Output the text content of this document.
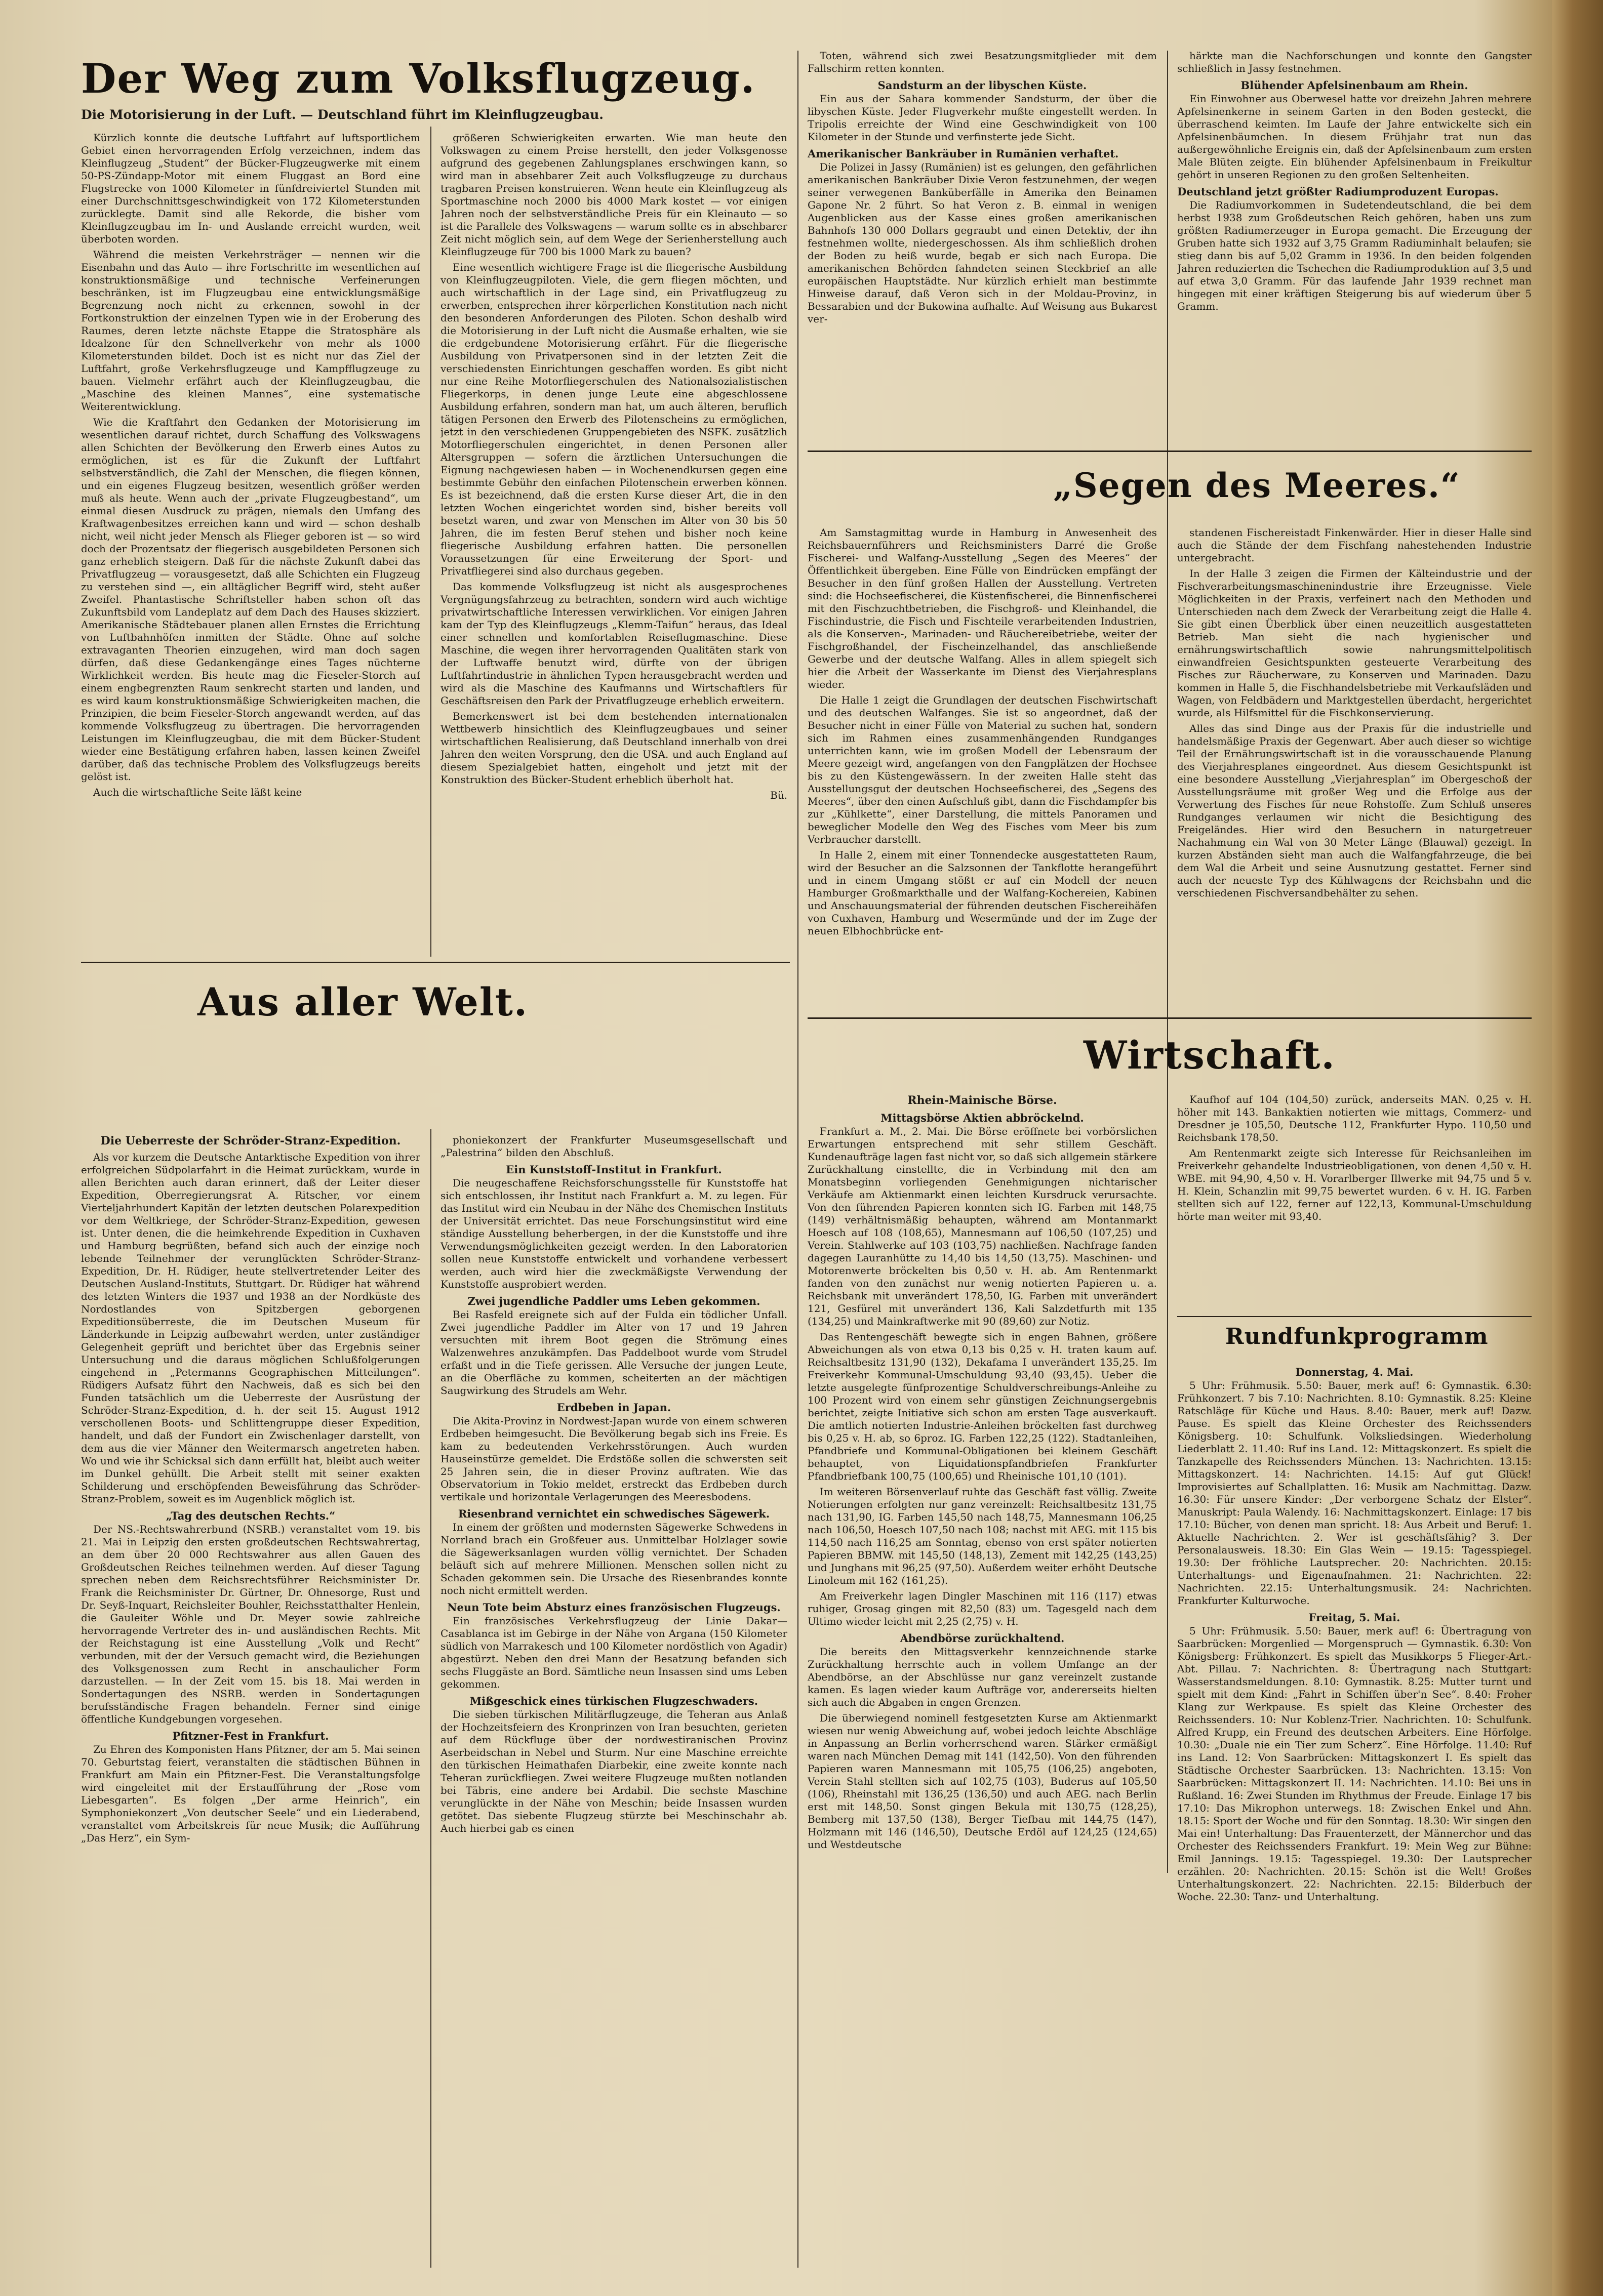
Der Weg zum Volksflugzeug.
Die Motorisierung in der Luft. — Deutschland führt im Kleinflugzeugbau.

Kürzlich konnte die deutsche Luftfahrt auf luftsportlichem Gebiet einen hervorragenden Erfolg verzeichnen, indem das Kleinflugzeug „Student“ der Bücker-Flugzeugwerke mit einem 50-PS-Zündapp-Motor mit einem Fluggast an Bord eine Flugstrecke von 1000 Kilometer in fünfdreiviertel Stunden mit einer Durchschnittsgeschwindigkeit von 172 Kilometerstunden zurücklegte. Damit sind alle Rekorde, die bisher vom Kleinflugzeugbau im In- und Auslande erreicht wurden, weit überboten worden.

Während die meisten Verkehrsträger — nennen wir die Eisenbahn und das Auto — ihre Fortschritte im wesentlichen auf konstruktionsmäßige und technische Verfeinerungen beschränken, ist im Flugzeugbau eine entwicklungsmäßige Begrenzung noch nicht zu erkennen, sowohl in der Fortkonstruktion der einzelnen Typen wie in der Eroberung des Raumes, deren letzte nächste Etappe die Stratosphäre als Idealzone für den Schnellverkehr von mehr als 1000 Kilometerstunden bildet. Doch ist es nicht nur das Ziel der Luftfahrt, große Verkehrsflugzeuge und Kampfflugzeuge zu bauen. Vielmehr erfährt auch der Kleinflugzeugbau, die „Maschine des kleinen Mannes“, eine systematische Weiterentwicklung.

Wie die Kraftfahrt den Gedanken der Motorisierung im wesentlichen darauf richtet, durch Schaffung des Volkswagens allen Schichten der Bevölkerung den Erwerb eines Autos zu ermöglichen, ist es für die Zukunft der Luftfahrt selbstverständlich, die Zahl der Menschen, die fliegen können, und ein eigenes Flugzeug besitzen, wesentlich größer werden muß als heute. Wenn auch der „private Flugzeugbestand“, um einmal diesen Ausdruck zu prägen, niemals den Umfang des Kraftwagenbesitzes erreichen kann und wird — schon deshalb nicht, weil nicht jeder Mensch als Flieger geboren ist — so wird doch der Prozentsatz der fliegerisch ausgebildeten Personen sich ganz erheblich steigern. Daß für die nächste Zukunft dabei das Privatflugzeug — vorausgesetzt, daß alle Schichten ein Flugzeug zu verstehen sind —, ein alltäglicher Begriff wird, steht außer Zweifel. Phantastische Schriftsteller haben schon oft das Zukunftsbild vom Landeplatz auf dem Dach des Hauses skizziert. Amerikanische Städtebauer planen allen Ernstes die Errichtung von Luftbahnhöfen inmitten der Städte. Ohne auf solche extravaganten Theorien einzugehen, wird man doch sagen dürfen, daß diese Gedankengänge eines Tages nüchterne Wirklichkeit werden. Bis heute mag die Fieseler-Storch auf einem engbegrenzten Raum senkrecht starten und landen, und es wird kaum konstruktionsmäßige Schwierigkeiten machen, die Prinzipien, die beim Fieseler-Storch angewandt werden, auf das kommende Volksflugzeug zu übertragen. Die hervorragenden Leistungen im Kleinflugzeugbau, die mit dem Bücker-Student wieder eine Bestätigung erfahren haben, lassen keinen Zweifel darüber, daß das technische Problem des Volksflugzeugs bereits gelöst ist.

Auch die wirtschaftliche Seite läßt keine

größeren Schwierigkeiten erwarten. Wie man heute den Volkswagen zu einem Preise herstellt, den jeder Volksgenosse aufgrund des gegebenen Zahlungsplanes erschwingen kann, so wird man in absehbarer Zeit auch Volksflugzeuge zu durchaus tragbaren Preisen konstruieren. Wenn heute ein Kleinflugzeug als Sportmaschine noch 2000 bis 4000 Mark kostet — vor einigen Jahren noch der selbstverständliche Preis für ein Kleinauto — so ist die Parallele des Volkswagens — warum sollte es in absehbarer Zeit nicht möglich sein, auf dem Wege der Serienherstellung auch Kleinflugzeuge für 700 bis 1000 Mark zu bauen?

Eine wesentlich wichtigere Frage ist die fliegerische Ausbildung von Kleinflugzeugpiloten. Viele, die gern fliegen möchten, und auch wirtschaftlich in der Lage sind, ein Privatflugzeug zu erwerben, entsprechen ihrer körperlichen Konstitution nach nicht den besonderen Anforderungen des Piloten. Schon deshalb wird die Motorisierung in der Luft nicht die Ausmaße erhalten, wie sie die erdgebundene Motorisierung erfährt. Für die fliegerische Ausbildung von Privatpersonen sind in der letzten Zeit die verschiedensten Einrichtungen geschaffen worden. Es gibt nicht nur eine Reihe Motorfliegerschulen des Nationalsozialistischen Fliegerkorps, in denen junge Leute eine abgeschlossene Ausbildung erfahren, sondern man hat, um auch älteren, beruflich tätigen Personen den Erwerb des Pilotenscheins zu ermöglichen, jetzt in den verschiedenen Gruppengebieten des NSFK. zusätzlich Motorfliegerschulen eingerichtet, in denen Personen aller Altersgruppen — sofern die ärztlichen Untersuchungen die Eignung nachgewiesen haben — in Wochenendkursen gegen eine bestimmte Gebühr den einfachen Pilotenschein erwerben können. Es ist bezeichnend, daß die ersten Kurse dieser Art, die in den letzten Wochen eingerichtet worden sind, bisher bereits voll besetzt waren, und zwar von Menschen im Alter von 30 bis 50 Jahren, die im festen Beruf stehen und bisher noch keine fliegerische Ausbildung erfahren hatten. Die personellen Voraussetzungen für eine Erweiterung der Sport- und Privatfliegerei sind also durchaus gegeben.

Das kommende Volksflugzeug ist nicht als ausgesprochenes Vergnügungsfahrzeug zu betrachten, sondern wird auch wichtige privatwirtschaftliche Interessen verwirklichen. Vor einigen Jahren kam der Typ des Kleinflugzeugs „Klemm-Taifun“ heraus, das Ideal einer schnellen und komfortablen Reiseflugmaschine. Diese Maschine, die wegen ihrer hervorragenden Qualitäten stark von der Luftwaffe benutzt wird, dürfte von der übrigen Luftfahrtindustrie in ähnlichen Typen herausgebracht werden und wird als die Maschine des Kaufmanns und Wirtschaftlers für Geschäftsreisen den Park der Privatflugzeuge erheblich erweitern.

Bemerkenswert ist bei dem bestehenden internationalen Wettbewerb hinsichtlich des Kleinflugzeugbaues und seiner wirtschaftlichen Realisierung, daß Deutschland innerhalb von drei Jahren den weiten Vorsprung, den die USA. und auch England auf diesem Spezialgebiet hatten, eingeholt und jetzt mit der Konstruktion des Bücker-Student erheblich überholt hat.

Bü.

Toten, während sich zwei Besatzungsmitglieder mit dem Fallschirm retten konnten.

Sandsturm an der libyschen Küste.

Ein aus der Sahara kommender Sandsturm, der über die libyschen Küste. Jeder Flugverkehr mußte eingestellt werden. In Tripolis erreichte der Wind eine Geschwindigkeit von 100 Kilometer in der Stunde und verfinsterte jede Sicht.

Amerikanischer Bankräuber in Rumänien verhaftet.

Die Polizei in Jassy (Rumänien) ist es gelungen, den gefährlichen amerikanischen Bankräuber Dixie Veron festzunehmen, der wegen seiner verwegenen Banküberfälle in Amerika den Beinamen Gapone Nr. 2 führt. So hat Veron z. B. einmal in wenigen Augenblicken aus der Kasse eines großen amerikanischen Bahnhofs 130 000 Dollars gegraubt und einen Detektiv, der ihn festnehmen wollte, niedergeschossen. Als ihm schließlich drohen der Boden zu heiß wurde, begab er sich nach Europa. Die amerikanischen Behörden fahndeten seinen Steckbrief an alle europäischen Hauptstädte. Nur kürzlich erhielt man bestimmte Hinweise darauf, daß Veron sich in der Moldau-Provinz, in Bessarabien und der Bukowina aufhalte. Auf Weisung aus Bukarest ver-

härkte man die Nachforschungen und konnte den Gangster schließlich in Jassy festnehmen.

Blühender Apfelsinenbaum am Rhein.

Ein Einwohner aus Oberwesel hatte vor dreizehn Jahren mehrere Apfelsinenkerne in seinem Garten in den Boden gesteckt, die überraschend keimten. Im Laufe der Jahre entwickelte sich ein Apfelsinenbäumchen. In diesem Frühjahr trat nun das außergewöhnliche Ereignis ein, daß der Apfelsinenbaum zum ersten Male Blüten zeigte. Ein blühender Apfelsinenbaum in Freikultur gehört in unseren Regionen zu den großen Seltenheiten.

Deutschland jetzt größter Radiumproduzent Europas.

Die Radiumvorkommen in Sudetendeutschland, die bei dem herbst 1938 zum Großdeutschen Reich gehören, haben uns zum größten Radiumerzeuger in Europa gemacht. Die Erzeugung der Gruben hatte sich 1932 auf 3,75 Gramm Radiuminhalt belaufen; sie stieg dann bis auf 5,02 Gramm in 1936. In den beiden folgenden Jahren reduzierten die Tschechen die Radiumproduktion auf 3,5 und auf etwa 3,0 Gramm. Für das laufende Jahr 1939 rechnet man hingegen mit einer kräftigen Steigerung bis auf wiederum über 5 Gramm.

„Segen des Meeres.“

Am Samstagmittag wurde in Hamburg in Anwesenheit des Reichsbauernführers und Reichsministers Darré die Große Fischerei- und Walfang-Ausstellung „Segen des Meeres“ der Öffentlichkeit übergeben. Eine Fülle von Eindrücken empfängt der Besucher in den fünf großen Hallen der Ausstellung. Vertreten sind: die Hochseefischerei, die Küstenfischerei, die Binnenfischerei mit den Fischzuchtbetrieben, die Fischgroß- und Kleinhandel, die Fischindustrie, die Fisch und Fischteile verarbeitenden Industrien, als die Konserven-, Marinaden- und Räuchereibetriebe, weiter der Fischgroßhandel, der Fischeinzelhandel, das anschließende Gewerbe und der deutsche Walfang. Alles in allem spiegelt sich hier die Arbeit der Wasserkante im Dienst des Vierjahresplans wieder.

Die Halle 1 zeigt die Grundlagen der deutschen Fischwirtschaft und des deutschen Walfanges. Sie ist so angeordnet, daß der Besucher nicht in einer Fülle von Material zu suchen hat, sondern sich im Rahmen eines zusammenhängenden Rundganges unterrichten kann, wie im großen Modell der Lebensraum der Meere gezeigt wird, angefangen von den Fangplätzen der Hochsee bis zu den Küstengewässern. In der zweiten Halle steht das Ausstellungsgut der deutschen Hochseefischerei, des „Segens des Meeres“, über den einen Aufschluß gibt, dann die Fischdampfer bis zur „Kühlkette“, einer Darstellung, die mittels Panoramen und beweglicher Modelle den Weg des Fisches vom Meer bis zum Verbraucher darstellt.

In Halle 2, einem mit einer Tonnendecke ausgestatteten Raum, wird der Besucher an die Salzsonnen der Tankflotte herangeführt und in einem Umgang stößt er auf ein Modell der neuen Hamburger Großmarkthalle und der Walfang-Kochereien, Kabinen und Anschauungsmaterial der führenden deutschen Fischereihäfen von Cuxhaven, Hamburg und Wesermünde und der im Zuge der neuen Elbhochbrücke ent-

standenen Fischereistadt Finkenwärder. Hier in dieser Halle sind auch die Stände der dem Fischfang nahestehenden Industrie untergebracht.

In der Halle 3 zeigen die Firmen der Kälteindustrie und der Fischverarbeitungsmaschinenindustrie ihre Erzeugnisse. Viele Möglichkeiten in der Praxis, verfeinert nach den Methoden und Unterschieden nach dem Zweck der Verarbeitung zeigt die Halle 4. Sie gibt einen Überblick über einen neuzeitlich ausgestatteten Betrieb. Man sieht die nach hygienischer und ernährungswirtschaftlich sowie nahrungsmittelpolitisch einwandfreien Gesichtspunkten gesteuerte Verarbeitung des Fisches zur Räucherware, zu Konserven und Marinaden. Dazu kommen in Halle 5, die Fischhandelsbetriebe mit Verkaufsläden und Wagen, von Feldbädern und Marktgestellen überdacht, hergerichtet wurde, als Hilfsmittel für die Fischkonservierung.

Alles das sind Dinge aus der Praxis für die industrielle und handelsmäßige Praxis der Gegenwart. Aber auch dieser so wichtige Teil der Ernährungswirtschaft ist in die vorausschauende Planung des Vierjahresplanes eingeordnet. Aus diesem Gesichtspunkt ist eine besondere Ausstellung „Vierjahresplan“ im Obergeschoß der Ausstellungsräume mit großer Weg und die Erfolge aus der Verwertung des Fisches für neue Rohstoffe. Zum Schluß unseres Rundganges verlaumen wir nicht die Besichtigung des Freigeländes. Hier wird den Besuchern in naturgetreuer Nachahmung ein Wal von 30 Meter Länge (Blauwal) gezeigt. In kurzen Abständen sieht man auch die Walfangfahrzeuge, die bei dem Wal die Arbeit und seine Ausnutzung gestattet. Ferner sind auch der neueste Typ des Kühlwagens der Reichsbahn und die verschiedenen Fischversandbehälter zu sehen.

Aus aller Welt.

Die Ueberreste der Schröder-Stranz-Expedition.

Als vor kurzem die Deutsche Antarktische Expedition von ihrer erfolgreichen Südpolarfahrt in die Heimat zurückkam, wurde in allen Berichten auch daran erinnert, daß der Leiter dieser Expedition, Oberregierungsrat A. Ritscher, vor einem Vierteljahrhundert Kapitän der letzten deutschen Polarexpedition vor dem Weltkriege, der Schröder-Stranz-Expedition, gewesen ist. Unter denen, die die heimkehrende Expedition in Cuxhaven und Hamburg begrüßten, befand sich auch der einzige noch lebende Teilnehmer der verunglückten Schröder-Stranz-Expedition, Dr. H. Rüdiger, heute stellvertretender Leiter des Deutschen Ausland-Instituts, Stuttgart. Dr. Rüdiger hat während des letzten Winters die 1937 und 1938 an der Nordküste des Nordostlandes von Spitzbergen geborgenen Expeditionsüberreste, die im Deutschen Museum für Länderkunde in Leipzig aufbewahrt werden, unter zuständiger Gelegenheit geprüft und berichtet über das Ergebnis seiner Untersuchung und die daraus möglichen Schlußfolgerungen eingehend in „Petermanns Geographischen Mitteilungen“. Rüdigers Aufsatz führt den Nachweis, daß es sich bei den Funden tatsächlich um die Ueberreste der Ausrüstung der Schröder-Stranz-Expedition, d. h. der seit 15. August 1912 verschollenen Boots- und Schlittengruppe dieser Expedition, handelt, und daß der Fundort ein Zwischenlager darstellt, von dem aus die vier Männer den Weitermarsch angetreten haben. Wo und wie ihr Schicksal sich dann erfüllt hat, bleibt auch weiter im Dunkel gehüllt. Die Arbeit stellt mit seiner exakten Schilderung und erschöpfenden Beweisführung das Schröder-Stranz-Problem, soweit es im Augenblick möglich ist.

„Tag des deutschen Rechts.“

Der NS.-Rechtswahrerbund (NSRB.) veranstaltet vom 19. bis 21. Mai in Leipzig den ersten großdeutschen Rechtswahrertag, an dem über 20 000 Rechtswahrer aus allen Gauen des Großdeutschen Reiches teilnehmen werden. Auf dieser Tagung sprechen neben dem Reichsrechtsführer Reichsminister Dr. Frank die Reichsminister Dr. Gürtner, Dr. Ohnesorge, Rust und Dr. Seyß-Inquart, Reichsleiter Bouhler, Reichsstatthalter Henlein, die Gauleiter Wöhle und Dr. Meyer sowie zahlreiche hervorragende Vertreter des in- und ausländischen Rechts. Mit der Reichstagung ist eine Ausstellung „Volk und Recht“ verbunden, mit der der Versuch gemacht wird, die Beziehungen des Volksgenossen zum Recht in anschaulicher Form darzustellen. — In der Zeit vom 15. bis 18. Mai werden in Sondertagungen des NSRB. werden in Sondertagungen berufsständische Fragen behandeln. Ferner sind einige öffentliche Kundgebungen vorgesehen.

Pfitzner-Fest in Frankfurt.

Zu Ehren des Komponisten Hans Pfitzner, der am 5. Mai seinen 70. Geburtstag feiert, veranstalten die städtischen Bühnen in Frankfurt am Main ein Pfitzner-Fest. Die Veranstaltungsfolge wird eingeleitet mit der Erstaufführung der „Rose vom Liebesgarten“. Es folgen „Der arme Heinrich“, ein Symphoniekonzert „Von deutscher Seele“ und ein Liederabend, veranstaltet vom Arbeitskreis für neue Musik; die Aufführung „Das Herz“, ein Sym-

phoniekonzert der Frankfurter Museumsgesellschaft und „Palestrina“ bilden den Abschluß.

Ein Kunststoff-Institut in Frankfurt.

Die neugeschaffene Reichsforschungsstelle für Kunststoffe hat sich entschlossen, ihr Institut nach Frankfurt a. M. zu legen. Für das Institut wird ein Neubau in der Nähe des Chemischen Instituts der Universität errichtet. Das neue Forschungsinstitut wird eine ständige Ausstellung beherbergen, in der die Kunststoffe und ihre Verwendungsmöglichkeiten gezeigt werden. In den Laboratorien sollen neue Kunststoffe entwickelt und vorhandene verbessert werden, auch wird hier die zweckmäßigste Verwendung der Kunststoffe ausprobiert werden.

Zwei jugendliche Paddler ums Leben gekommen.

Bei Rasfeld ereignete sich auf der Fulda ein tödlicher Unfall. Zwei jugendliche Paddler im Alter von 17 und 19 Jahren versuchten mit ihrem Boot gegen die Strömung eines Walzenwehres anzukämpfen. Das Paddelboot wurde vom Strudel erfaßt und in die Tiefe gerissen. Alle Versuche der jungen Leute, an die Oberfläche zu kommen, scheiterten an der mächtigen Saugwirkung des Strudels am Wehr.

Erdbeben in Japan.

Die Akita-Provinz in Nordwest-Japan wurde von einem schweren Erdbeben heimgesucht. Die Bevölkerung begab sich ins Freie. Es kam zu bedeutenden Verkehrsstörungen. Auch wurden Hauseinstürze gemeldet. Die Erdstöße sollen die schwersten seit 25 Jahren sein, die in dieser Provinz auftraten. Wie das Observatorium in Tokio meldet, erstreckt das Erdbeben durch vertikale und horizontale Verlagerungen des Meeresbodens.

Riesenbrand vernichtet ein schwedisches Sägewerk.

In einem der größten und modernsten Sägewerke Schwedens in Norrland brach ein Großfeuer aus. Unmittelbar Holzlager sowie die Sägewerksanlagen wurden völlig vernichtet. Der Schaden beläuft sich auf mehrere Millionen. Menschen sollen nicht zu Schaden gekommen sein. Die Ursache des Riesenbrandes konnte noch nicht ermittelt werden.

Neun Tote beim Absturz eines französischen Flugzeugs.

Ein französisches Verkehrsflugzeug der Linie Dakar—Casablanca ist im Gebirge in der Nähe von Argana (150 Kilometer südlich von Marrakesch und 100 Kilometer nordöstlich von Agadir) abgestürzt. Neben den drei Mann der Besatzung befanden sich sechs Fluggäste an Bord. Sämtliche neun Insassen sind ums Leben gekommen.

Mißgeschick eines türkischen Flugzeschwaders.

Die sieben türkischen Militärflugzeuge, die Teheran aus Anlaß der Hochzeitsfeiern des Kronprinzen von Iran besuchten, gerieten auf dem Rückfluge über der nordwestiranischen Provinz Aserbeidschan in Nebel und Sturm. Nur eine Maschine erreichte den türkischen Heimathafen Diarbekir, eine zweite konnte nach Teheran zurückfliegen. Zwei weitere Flugzeuge mußten notlanden bei Täbris, eine andere bei Ardabil. Die sechste Maschine verunglückte in der Nähe von Meschin; beide Insassen wurden getötet. Das siebente Flugzeug stürzte bei Meschinschahr ab. Auch hierbei gab es einen

Wirtschaft.

Rhein-Mainische Börse.

Mittagsbörse Aktien abbröckelnd.

Frankfurt a. M., 2. Mai. Die Börse eröffnete bei vorbörslichen Erwartungen entsprechend mit sehr stillem Geschäft. Kundenaufträge lagen fast nicht vor, so daß sich allgemein stärkere Zurückhaltung einstellte, die in Verbindung mit den am Monatsbeginn vorliegenden Genehmigungen nichtarischer Verkäufe am Aktienmarkt einen leichten Kursdruck verursachte. Von den führenden Papieren konnten sich IG. Farben mit 148,75 (149) verhältnismäßig behaupten, während am Montanmarkt Hoesch auf 108 (108,65), Mannesmann auf 106,50 (107,25) und Verein. Stahlwerke auf 103 (103,75) nachließen. Nachfrage fanden dagegen Lauranhütte zu 14,40 bis 14,50 (13,75). Maschinen- und Motorenwerte bröckelten bis 0,50 v. H. ab. Am Rentenmarkt fanden von den zunächst nur wenig notierten Papieren u. a. Reichsbank mit unverändert 178,50, IG. Farben mit unverändert 121, Gesfürel mit unverändert 136, Kali Salzdetfurth mit 135 (134,25) und Mainkraftwerke mit 90 (89,60) zur Notiz.

Das Rentengeschäft bewegte sich in engen Bahnen, größere Abweichungen als von etwa 0,13 bis 0,25 v. H. traten kaum auf. Reichsaltbesitz 131,90 (132), Dekafama I unverändert 135,25. Im Freiverkehr Kommunal-Umschuldung 93,40 (93,45). Ueber die letzte ausgelegte fünfprozentige Schuldverschreibungs-Anleihe zu 100 Prozent wird von einem sehr günstigen Zeichnungsergebnis berichtet, zeigte Initiative sich schon am ersten Tage ausverkauft. Die amtlich notierten Industrie-Anleihen bröckelten fast durchweg bis 0,25 v. H. ab, so 6proz. IG. Farben 122,25 (122). Stadtanleihen, Pfandbriefe und Kommunal-Obligationen bei kleinem Geschäft behauptet, von Liquidationspfandbriefen Frankfurter Pfandbriefbank 100,75 (100,65) und Rheinische 101,10 (101).

Im weiteren Börsenverlauf ruhte das Geschäft fast völlig. Zweite Notierungen erfolgten nur ganz vereinzelt: Reichsaltbesitz 131,75 nach 131,90, IG. Farben 145,50 nach 148,75, Mannesmann 106,25 nach 106,50, Hoesch 107,50 nach 108; nachst mit AEG. mit 115 bis 114,50 nach 116,25 am Sonntag, ebenso von erst später notierten Papieren BBMW. mit 145,50 (148,13), Zement mit 142,25 (143,25) und Junghans mit 96,25 (97,50). Außerdem weiter erhöht Deutsche Linoleum mit 162 (161,25).

Am Freiverkehr lagen Dingler Maschinen mit 116 (117) etwas ruhiger, Grosag gingen mit 82,50 (83) um. Tagesgeld nach dem Ultimo wieder leicht mit 2,25 (2,75) v. H.

Abendbörse zurückhaltend.

Die bereits den Mittagsverkehr kennzeichnende starke Zurückhaltung herrschte auch in vollem Umfange an der Abendbörse, an der Abschlüsse nur ganz vereinzelt zustande kamen. Es lagen wieder kaum Aufträge vor, andererseits hielten sich auch die Abgaben in engen Grenzen.

Die überwiegend nominell festgesetzten Kurse am Aktienmarkt wiesen nur wenig Abweichung auf, wobei jedoch leichte Abschläge in Anpassung an Berlin vorherrschend waren. Stärker ermäßigt waren nach München Demag mit 141 (142,50). Von den führenden Papieren waren Mannesmann mit 105,75 (106,25) angeboten, Verein Stahl stellten sich auf 102,75 (103), Buderus auf 105,50 (106), Rheinstahl mit 136,25 (136,50) und auch AEG. nach Berlin erst mit 148,50. Sonst gingen Bekula mit 130,75 (128,25), Bemberg mit 137,50 (138), Berger Tiefbau mit 144,75 (147), Holzmann mit 146 (146,50), Deutsche Erdöl auf 124,25 (124,65) und Westdeutsche

Kaufhof auf 104 (104,50) zurück, anderseits MAN. 0,25 v. H. höher mit 143. Bankaktien notierten wie mittags, Commerz- und Dresdner je 105,50, Deutsche 112, Frankfurter Hypo. 110,50 und Reichsbank 178,50.

Am Rentenmarkt zeigte sich Interesse für Reichsanleihen im Freiverkehr gehandelte Industrieobligationen, von denen 4,50 v. H. WBE. mit 94,90, 4,50 v. H. Vorarlberger Illwerke mit 94,75 und 5 v. H. Klein, Schanzlin mit 99,75 bewertet wurden. 6 v. H. IG. Farben stellten sich auf 122, ferner auf 122,13, Kommunal-Umschuldung hörte man weiter mit 93,40.

Rundfunkprogramm

Donnerstag, 4. Mai.

5 Uhr: Frühmusik. 5.50: Bauer, merk auf! 6: Gymnastik. 6.30: Frühkonzert. 7 bis 7.10: Nachrichten. 8.10: Gymnastik. 8.25: Kleine Ratschläge für Küche und Haus. 8.40: Bauer, merk auf! Dazw. Pause. Es spielt das Kleine Orchester des Reichssenders Königsberg. 10: Schulfunk. Volksliedsingen. Wiederholung Liederblatt 2. 11.40: Ruf ins Land. 12: Mittagskonzert. Es spielt die Tanzkapelle des Reichssenders München. 13: Nachrichten. 13.15: Mittagskonzert. 14: Nachrichten. 14.15: Auf gut Glück! Improvisiertes auf Schallplatten. 16: Musik am Nachmittag. Dazw. 16.30: Für unsere Kinder: „Der verborgene Schatz der Elster“. Manuskript: Paula Walendy. 16: Nachmittagskonzert. Einlage: 17 bis 17.10: Bücher, von denen man spricht. 18: Aus Arbeit und Beruf: 1. Aktuelle Nachrichten. 2. Wer ist geschäftsfähig? 3. Der Personalausweis. 18.30: Ein Glas Wein — 19.15: Tagesspiegel. 19.30: Der fröhliche Lautsprecher. 20: Nachrichten. 20.15: Unterhaltungs- und Eigenaufnahmen. 21: Nachrichten. 22: Nachrichten. 22.15: Unterhaltungsmusik. 24: Nachrichten. Frankfurter Kulturwoche.

Freitag, 5. Mai.

5 Uhr: Frühmusik. 5.50: Bauer, merk auf! 6: Übertragung von Saarbrücken: Morgenlied — Morgenspruch — Gymnastik. 6.30: Von Königsberg: Frühkonzert. Es spielt das Musikkorps 5 Flieger-Art.-Abt. Pillau. 7: Nachrichten. 8: Übertragung nach Stuttgart: Wasserstandsmeldungen. 8.10: Gymnastik. 8.25: Mutter turnt und spielt mit dem Kind: „Fahrt in Schiffen über'n See“. 8.40: Froher Klang zur Werkpause. Es spielt das Kleine Orchester des Reichssenders. 10: Nur Koblenz-Trier. Nachrichten. 10: Schulfunk. Alfred Krupp, ein Freund des deutschen Arbeiters. Eine Hörfolge. 10.30: „Duale nie ein Tier zum Scherz“. Eine Hörfolge. 11.40: Ruf ins Land. 12: Von Saarbrücken: Mittagskonzert I. Es spielt das Städtische Orchester Saarbrücken. 13: Nachrichten. 13.15: Von Saarbrücken: Mittagskonzert II. 14: Nachrichten. 14.10: Bei uns in Rußland. 16: Zwei Stunden im Rhythmus der Freude. Einlage 17 bis 17.10: Das Mikrophon unterwegs. 18: Zwischen Enkel und Ahn. 18.15: Sport der Woche und für den Sonntag. 18.30: Wir singen den Mai ein! Unterhaltung: Das Frauenterzett, der Männerchor und das Orchester des Reichssenders Frankfurt. 19: Mein Weg zur Bühne: Emil Jannings. 19.15: Tagesspiegel. 19.30: Der Lautsprecher erzählen. 20: Nachrichten. 20.15: Schön ist die Welt! Großes Unterhaltungskonzert. 22: Nachrichten. 22.15: Bilderbuch der Woche. 22.30: Tanz- und Unterhaltung.
